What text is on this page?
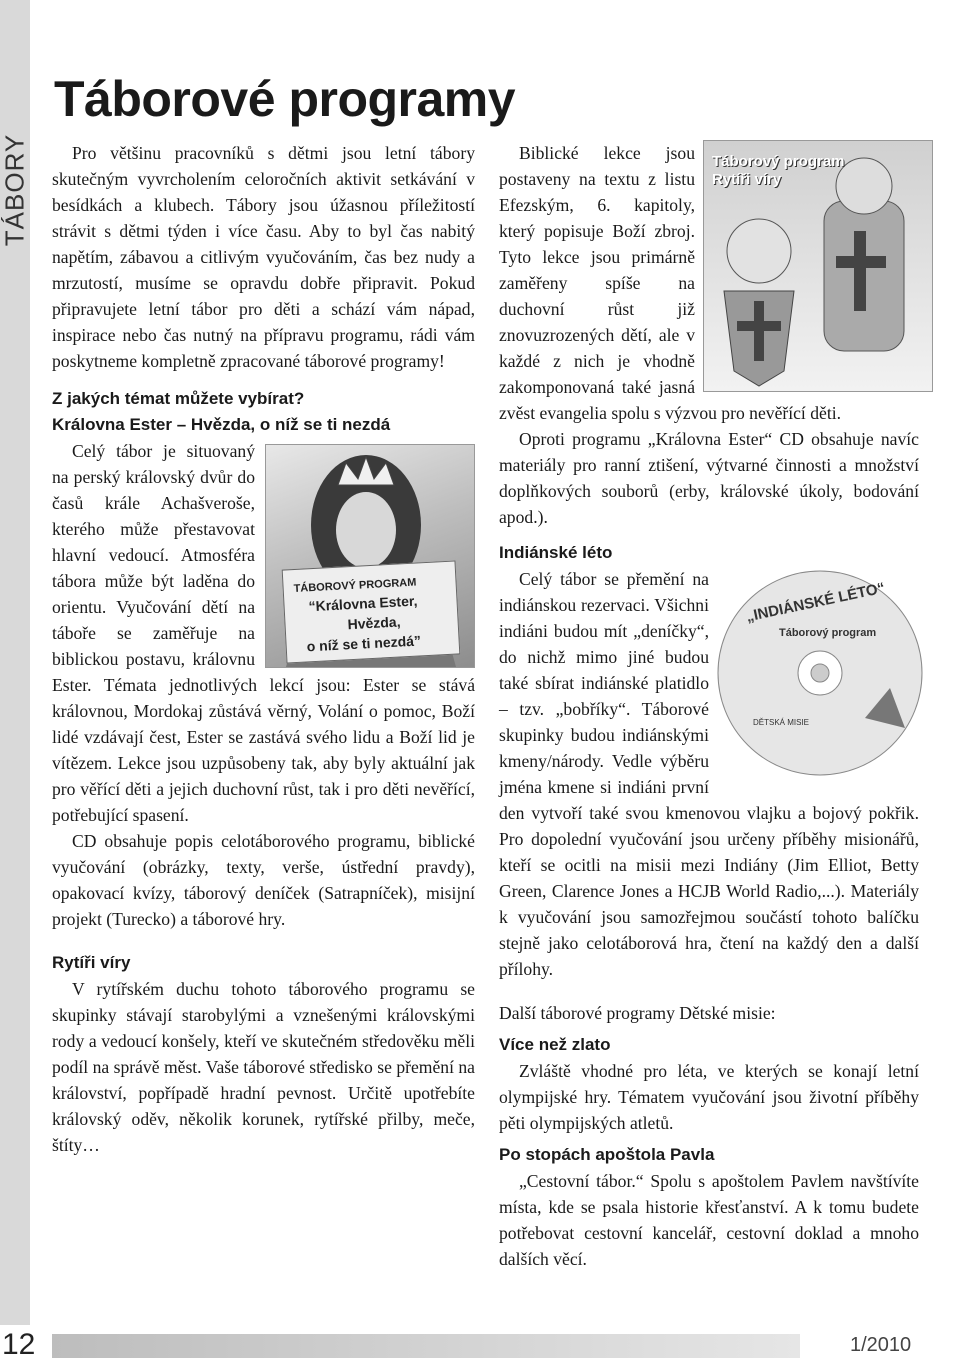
TÁBORY
Táborové programy

Pro většinu pracovníků s dětmi jsou letní tábory skutečným vyvrcholením celoročních aktivit setkávání v besídkách a klubech. Tábory jsou úžasnou příležitostí strávit s dětmi týden i více času. Aby to byl čas nabitý napětím, zábavou a citlivým vyučováním, čas bez nudy a mrzutostí, musíme se opravdu dobře připravit. Pokud připravujete letní tábor pro děti a schází vám nápad, inspirace nebo čas nutný na přípravu programu, rádi vám poskytneme kompletně zpracované táborové programy!

Z jakých témat můžete vybírat?
Královna Ester – Hvězda, o níž se ti nezdá
TÁBOROVÝ PROGRAM
“Královna Ester,
Hvězda,
o níž se ti nezdá”

Celý tábor je situovaný na perský královský dvůr do časů krále Achašveroše, kterého může přestavovat hlavní vedoucí. Atmosféra tábora může být laděna do orientu. Vyučování dětí na táboře se zaměřuje na biblickou postavu, královnu Ester. Témata jednotlivých lekcí jsou: Ester se stává královnou, Mordokaj zůstává věrný, Volání o pomoc, Boží lidé vzdávají čest, Ester se zastává svého lidu a Boží lid je vítězem. Lekce jsou uzpůsobeny tak, aby byly aktuální jak pro věřící děti a jejich duchovní růst, tak i pro děti nevěřící, potřebující spasení.

CD obsahuje popis celotáborového programu, biblické vyučování (obrázky, texty, verše, ústřední pravdy), opakovací kvízy, táborový deníček (Satrapníček), misijní projekt (Turecko) a táborové hry.

Rytíři víry

V rytířském duchu tohoto táborového programu se skupinky stávají starobylými a vznešenými královskými rody a vedoucí konšely, kteří ve skutečném středověku měli podíl na správě měst. Vaše táborové středisko se přemění na království, popřípadě hradní pevnost. Určitě upotřebíte královský oděv, několik korunek, rytířské přilby, meče, štíty…

Táborový program
Rytíři víry

Biblické lekce jsou postaveny na textu z listu Efezským, 6. kapitoly, který popisuje Boží zbroj. Tyto lekce jsou primárně zaměřeny spíše na duchovní růst již znovuzrozených dětí, ale v každé z nich je vhodně zakomponovaná také jasná zvěst evangelia spolu s výzvou pro nevěřící děti.

Oproti programu „Královna Ester“ CD obsahuje navíc materiály pro ranní ztišení, výtvarné činnosti a množství doplňkových souborů (erby, královské úkoly, bodování apod.).

Indiánské léto
„INDIÁNSKÉ LÉTO“
Táborový program
DĚTSKÁ MISIE

Celý tábor se přemění na indiánskou rezervaci. Všichni indiáni budou mít „deníčky“, do nichž mimo jiné budou také sbírat indiánské platidlo – tzv. „bobříky“. Táborové skupinky budou indiánskými kmeny/národy. Vedle výběru jména kmene si indiáni první den vytvoří také svou kmenovou vlajku a bojový pokřik. Pro dopolední vyučování jsou určeny příběhy misionářů, kteří se ocitli na misii mezi Indiány (Jim Elliot, Betty Green, Clarence Jones a HCJB World Radio,...). Materiály k vyučování jsou samozřejmou součástí tohoto balíčku stejně jako celotáborová hra, čtení na každý den a další přílohy.

Další táborové programy Dětské misie:

Více než zlato

Zvláště vhodné pro léta, ve kterých se konají letní olympijské hry. Tématem vyučování jsou životní příběhy pěti olympijských atletů.

Po stopách apoštola Pavla

„Cestovní tábor.“ Spolu s apoštolem Pavlem navštívíte místa, kde se psala historie křesťanství. A k tomu budete potřebovat cestovní kancelář, cestovní doklad a mnoho dalších věcí.

12	1/2010
